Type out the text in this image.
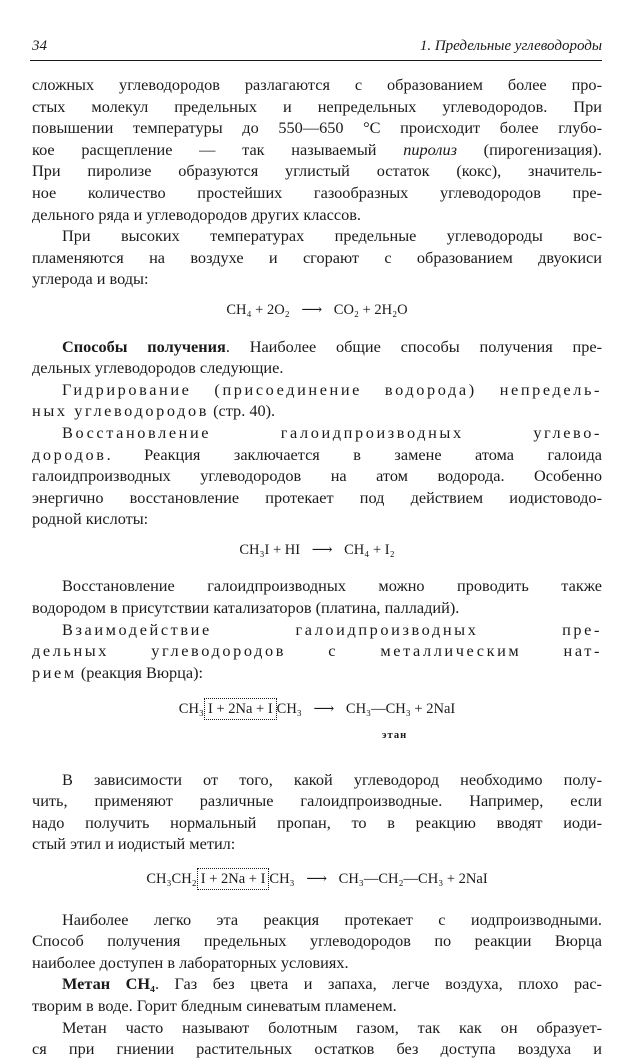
34	1. Предельные углеводороды

сложных углеводородов разлагаются с образованием более про-

стых молекул предельных и непредельных углеводородов. При

повышении температуры до 550—650 °С происходит более глубо-

кое расщепление — так называемый пиролиз (пирогенизация).

При пиролизе образуются углистый остаток (кокс), значитель-

ное количество простейших газообразных углеводородов пре-

дельного ряда и углеводородов других классов.

При высоких температурах предельные углеводороды вос-

пламеняются на воздухе и сгорают с образованием двуокиси

углерода и воды:

CH₄ + 2O₂ ⟶ CO₂ + 2H₂O

Способы получения. Наиболее общие способы получения пре-

дельных углеводородов следующие.

Гидрирование (присоединение водорода) непредель-

ных углеводородов (стр. 40).

Восстановление галоидпроизводных углево-

дородов. Реакция заключается в замене атома галоида

галоидпроизводных углеводородов на атом водорода. Особенно

энергично восстановление протекает под действием иодистоводо-

родной кислоты:

CH₃I + HI ⟶ CH₄ + I₂

Восстановление галоидпроизводных можно проводить также

водородом в присутствии катализаторов (платина, палладий).

Взаимодействие галоидпроизводных пре-

дельных углеводородов с металлическим нат-

рием (реакция Вюрца):

CH₃ I + 2Na + I CH₃ ⟶ CH₃—CH₃ + 2NaI
этан

В зависимости от того, какой углеводород необходимо полу-

чить, применяют различные галоидпроизводные. Например, если

надо получить нормальный пропан, то в реакцию вводят иоди-

стый этил и иодистый метил:

CH₃CH₂ I + 2Na + I CH₃ ⟶ CH₃—CH₂—CH₃ + 2NaI

Наиболее легко эта реакция протекает с иодпроизводными.

Способ получения предельных углеводородов по реакции Вюрца

наиболее доступен в лабораторных условиях.

Метан CH₄. Газ без цвета и запаха, легче воздуха, плохо рас-

творим в воде. Горит бледным синеватым пламенем.

Метан часто называют болотным газом, так как он образует-

ся при гниении растительных остатков без доступа воздуха и
